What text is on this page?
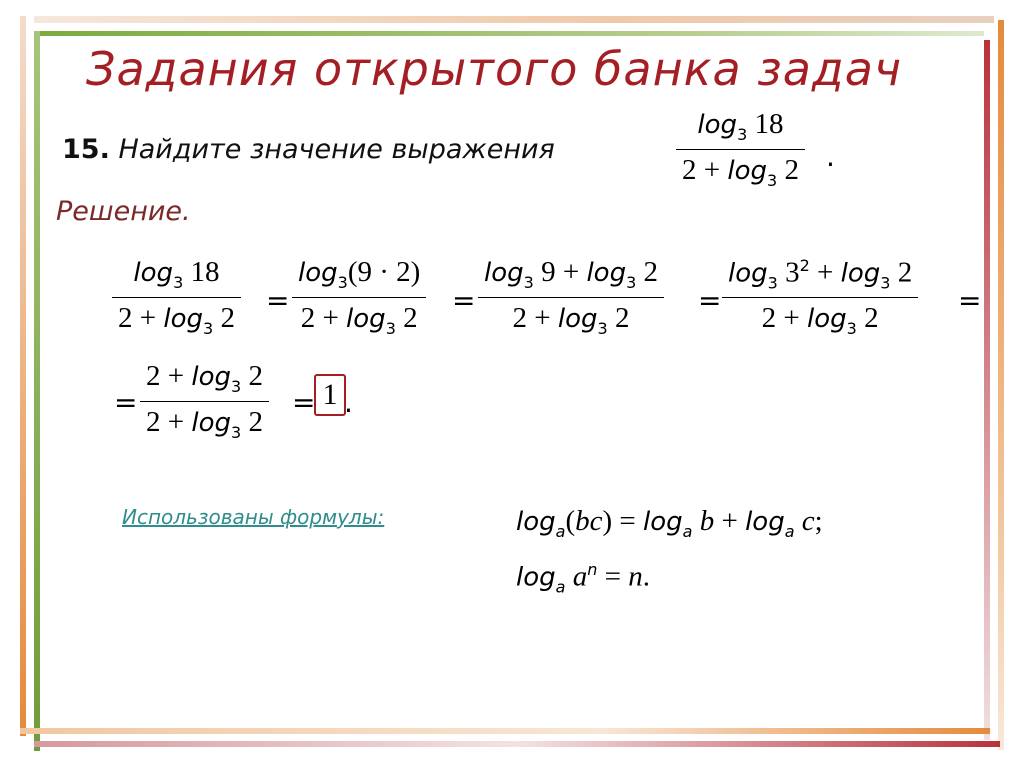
Задания открытого банка задач
15. Найдите значение выражения
$\log_3 18$
$2 + \log_3 2$ .
Решение.
$\log_3 18$
$2 + \log_3 2$
=
$\log_3(9 \cdot 2)$
$2 + \log_3 2$
=
$\log_3 9 + \log_3 2$
$2 + \log_3 2$
=
$\log_3 3^2 + \log_3 2$
$2 + \log_3 2$
=
=
$2 + \log_3 2$
$2 + \log_3 2$
= 1 .
Использованы формулы:	$\log_a(bc) = \log_a b + \log_a c$;
$\log_a a^n = n$.
